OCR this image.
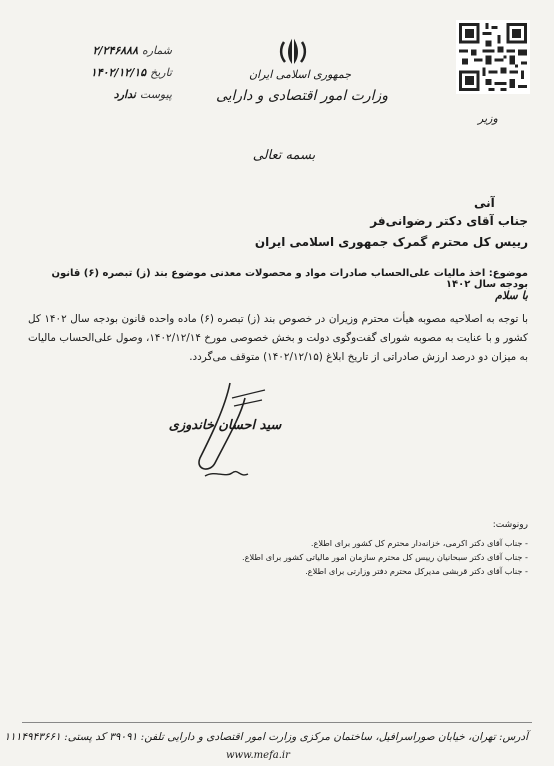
شماره
۲/۲۴۶۸۸۸
تاریخ
۱۴۰۲/۱۲/۱۵
پیوست
ندارد
جمهوری اسلامی ایران
وزارت امور اقتصادی و دارایی
وزیر
بسمه تعالی
آنی
جناب آقای دکتر رضوانی‌فر
رییس کل محترم گمرک جمهوری اسلامی ایران
موضوع: اخذ مالیات علی‌الحساب صادرات مواد و محصولات معدنی موضوع بند (ز) تبصره (۶) قانون بودجه سال ۱۴۰۲
با سلام
با توجه به اصلاحیه مصوبه هیأت محترم وزیران در خصوص بند (ز) تبصره (۶) ماده واحده قانون بودجه سال ۱۴۰۲ کل کشور و با عنایت به مصوبه شورای گفت‌وگوی دولت و بخش خصوصی مورخ ۱۴۰۲/۱۲/۱۴، وصول علی‌الحساب مالیات به میزان دو درصد ارزش صادراتی از تاریخ ابلاغ (۱۴۰۲/۱۲/۱۵) متوقف می‌گردد.
سید احسان خاندوزی
رونوشت:
- جناب آقای دکتر اکرمی، خزانه‌دار محترم کل کشور برای اطلاع.
- جناب آقای دکتر سبحانیان رییس کل محترم سازمان امور مالیاتی کشور برای اطلاع.
- جناب آقای دکتر قربشی مدیرکل محترم دفتر وزارتی برای اطلاع.
آدرس: تهران، خیابان صوراسرافیل، ساختمان مرکزی وزارت امور اقتصادی و دارایی تلفن: ۳۹۰۹۱ کد پستی: ۱۱۱۴۹۴۳۶۶۱
www.mefa.ir
